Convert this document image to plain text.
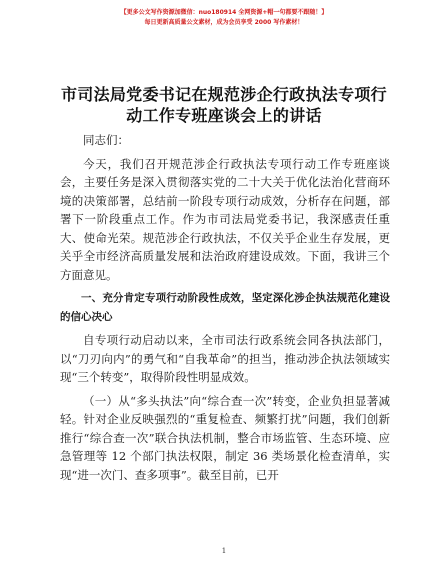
【更多公文写作资源加微信：nuo180914 全网资源+帽一句都要不跟随！】
每日更新高质量公文素材，成为会员享受 2000 写作素材！
市司法局党委书记在规范涉企行政执法专项行动工作专班座谈会上的讲话

同志们：

今天，我们召开规范涉企行政执法专项行动工作专班座谈会，主要任务是深入贯彻落实党的二十大关于优化法治化营商环境的决策部署，总结前一阶段专项行动成效，分析存在问题，部署下一阶段重点工作。作为市司法局党委书记，我深感责任重大、使命光荣。规范涉企行政执法，不仅关乎企业生存发展，更关乎全市经济高质量发展和法治政府建设成效。下面，我讲三个方面意见。

一、充分肯定专项行动阶段性成效，坚定深化涉企执法规范化建设的信心决心

自专项行动启动以来，全市司法行政系统会同各执法部门，以“刀刃向内”的勇气和“自我革命”的担当，推动涉企执法领域实现“三个转变”，取得阶段性明显成效。

（一）从“多头执法”向“综合查一次”转变，企业负担显著减轻。针对企业反映强烈的“重复检查、频繁打扰”问题，我们创新推行“综合查一次”联合执法机制，整合市场监管、生态环境、应急管理等 12 个部门执法权限，制定 36 类场景化检查清单，实现“进一次门、查多项事”。截至目前，已开

1
